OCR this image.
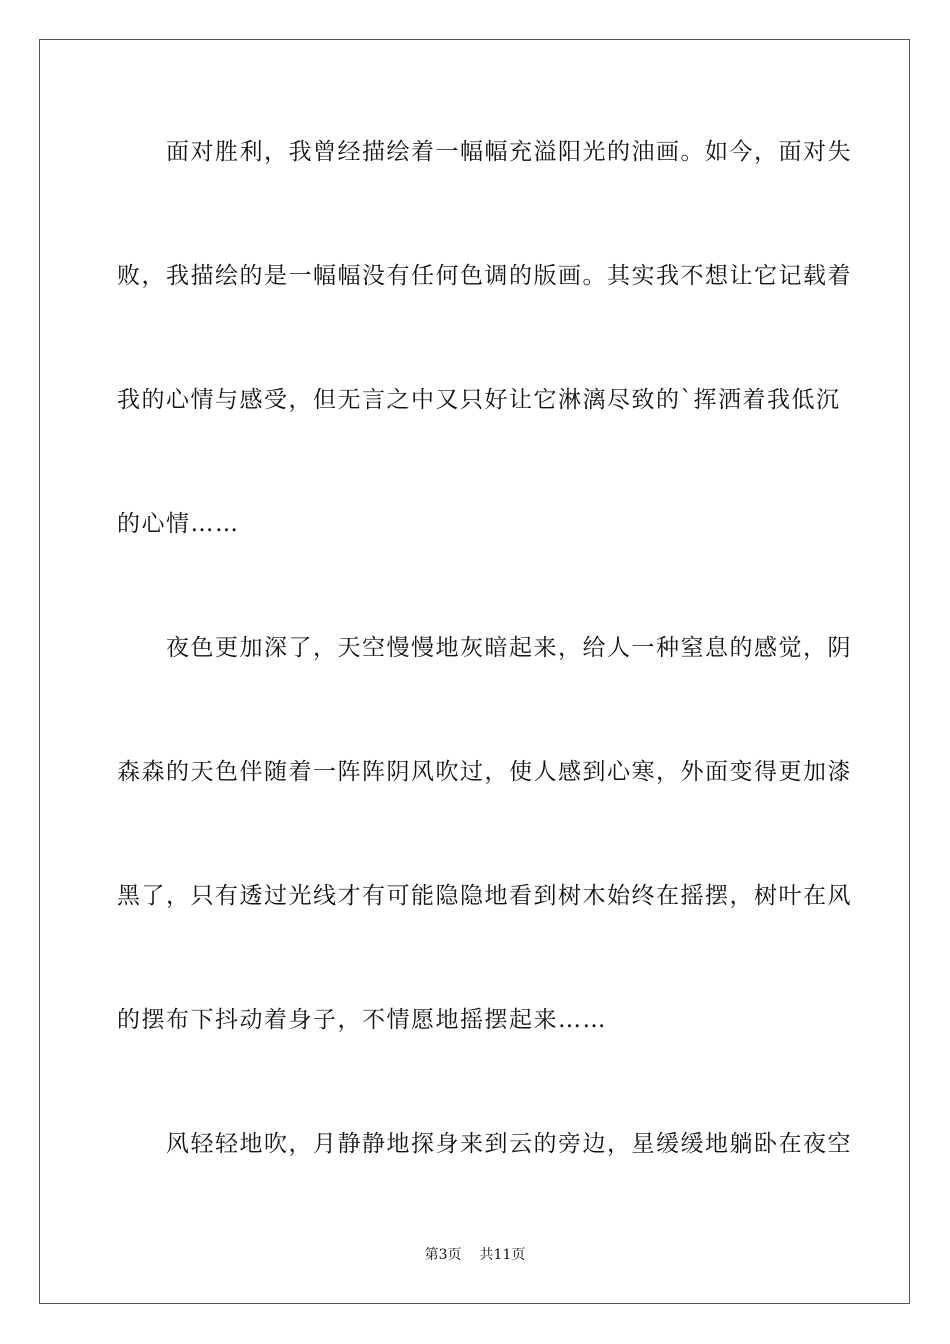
　　面对胜利，我曾经描绘着一幅幅充溢阳光的油画。如今，面对失
败，我描绘的是一幅幅没有任何色调的版画。其实我不想让它记载着
我的心情与感受，但无言之中又只好让它淋漓尽致的`挥洒着我低沉
的心情……
　　夜色更加深了，天空慢慢地灰暗起来，给人一种窒息的感觉，阴
森森的天色伴随着一阵阵阴风吹过，使人感到心寒，外面变得更加漆
黑了，只有透过光线才有可能隐隐地看到树木始终在摇摆，树叶在风
的摆布下抖动着身子，不情愿地摇摆起来……
　　风轻轻地吹，月静静地探身来到云的旁边，星缓缓地躺卧在夜空
第3页 共11页
